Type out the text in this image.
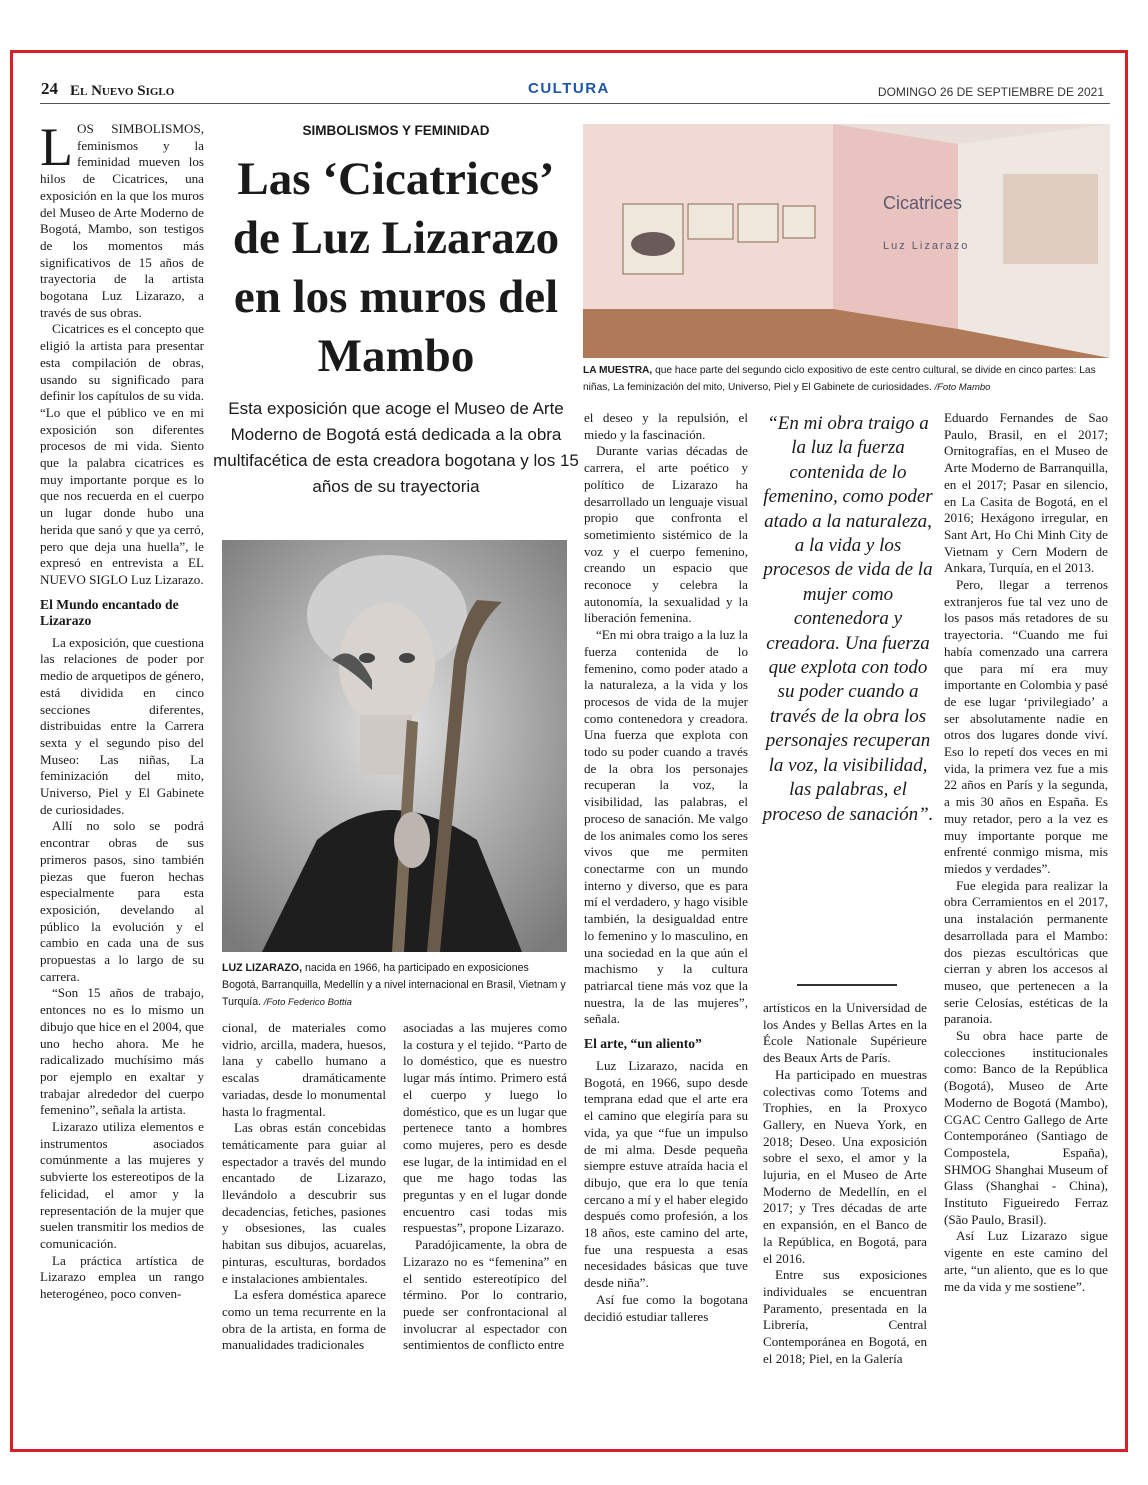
24 El Nuevo Siglo	CULTURA	DOMINGO 26 DE SEPTIEMBRE DE 2021

LOS SIMBOLISMOS, feminismos y la feminidad mueven los hilos de Cicatrices, una exposición en la que los muros del Museo de Arte Moderno de Bogotá, Mambo, son testigos de los momentos más significativos de 15 años de trayectoria de la artista bogotana Luz Lizarazo, a través de sus obras.

Cicatrices es el concepto que eligió la artista para presentar esta compilación de obras, usando su significado para definir los capítulos de su vida. “Lo que el público ve en mi exposición son diferentes procesos de mi vida. Siento que la palabra cicatrices es muy importante porque es lo que nos recuerda en el cuerpo un lugar donde hubo una herida que sanó y que ya cerró, pero que deja una huella”, le expresó en entrevista a EL NUEVO SIGLO Luz Lizarazo.

El Mundo encantado de Lizarazo

La exposición, que cuestiona las relaciones de poder por medio de arquetipos de género, está dividida en cinco secciones diferentes, distribuidas entre la Carrera sexta y el segundo piso del Museo: Las niñas, La feminización del mito, Universo, Piel y El Gabinete de curiosidades.

Allí no solo se podrá encontrar obras de sus primeros pasos, sino también piezas que fueron hechas especialmente para esta exposición, develando al público la evolución y el cambio en cada una de sus propuestas a lo largo de su carrera.

“Son 15 años de trabajo, entonces no es lo mismo un dibujo que hice en el 2004, que uno hecho ahora. Me he radicalizado muchísimo más por ejemplo en exaltar y trabajar alrededor del cuerpo femenino”, señala la artista.

Lizarazo utiliza elementos e instrumentos asociados comúnmente a las mujeres y subvierte los estereotipos de la felicidad, el amor y la representación de la mujer que suelen transmitir los medios de comunicación.

La práctica artística de Lizarazo emplea un rango heterogéneo, poco conven-

SIMBOLISMOS Y FEMINIDAD
Las ‘Cicatrices’ de Luz Lizarazo en los muros del Mambo
Esta exposición que acoge el Museo de Arte Moderno de Bogotá está dedicada a la obra multifacética de esta creadora bogotana y los 15 años de su trayectoria
LUZ LIZARAZO, nacida en 1966, ha participado en exposiciones Bogotá, Barranquilla, Medellín y a nivel internacional en Brasil, Vietnam y Turquía. /Foto Federico Bottia

cional, de materiales como vidrio, arcilla, madera, huesos, lana y cabello humano a escalas dramáticamente variadas, desde lo monumental hasta lo fragmental.

Las obras están concebidas temáticamente para guiar al espectador a través del mundo encantado de Lizarazo, llevándolo a descubrir sus decadencias, fetiches, pasiones y obsesiones, las cuales habitan sus dibujos, acuarelas, pinturas, esculturas, bordados e instalaciones ambientales.

La esfera doméstica aparece como un tema recurrente en la obra de la artista, en forma de manualidades tradicionales

asociadas a las mujeres como la costura y el tejido. “Parto de lo doméstico, que es nuestro lugar más íntimo. Primero está el cuerpo y luego lo doméstico, que es un lugar que pertenece tanto a hombres como mujeres, pero es desde ese lugar, de la intimidad en el que me hago todas las preguntas y en el lugar donde encuentro casi todas mis respuestas”, propone Lizarazo.

Paradójicamente, la obra de Lizarazo no es “femenina” en el sentido estereotípico del término. Por lo contrario, puede ser confrontacional al involucrar al espectador con sentimientos de conflicto entre

Cicatrices
Luz Lizarazo
LA MUESTRA, que hace parte del segundo ciclo expositivo de este centro cultural, se divide en cinco partes: Las niñas, La feminización del mito, Universo, Piel y El Gabinete de curiosidades. /Foto Mambo

el deseo y la repulsión, el miedo y la fascinación.

Durante varias décadas de carrera, el arte poético y político de Lizarazo ha desarrollado un lenguaje visual propio que confronta el sometimiento sistémico de la voz y el cuerpo femenino, creando un espacio que reconoce y celebra la autonomía, la sexualidad y la liberación femenina.

“En mi obra traigo a la luz la fuerza contenida de lo femenino, como poder atado a la naturaleza, a la vida y los procesos de vida de la mujer como contenedora y creadora. Una fuerza que explota con todo su poder cuando a través de la obra los personajes recuperan la voz, la visibilidad, las palabras, el proceso de sanación. Me valgo de los animales como los seres vivos que me permiten conectarme con un mundo interno y diverso, que es para mí el verdadero, y hago visible también, la desigualdad entre lo femenino y lo masculino, en una sociedad en la que aún el machismo y la cultura patriarcal tiene más voz que la nuestra, la de las mujeres”, señala.

El arte, “un aliento”

Luz Lizarazo, nacida en Bogotá, en 1966, supo desde temprana edad que el arte era el camino que elegiría para su vida, ya que “fue un impulso de mi alma. Desde pequeña siempre estuve atraída hacia el dibujo, que era lo que tenía cercano a mí y el haber elegido después como profesión, a los 18 años, este camino del arte, fue una respuesta a esas necesidades básicas que tuve desde niña”.

Así fue como la bogotana decidió estudiar talleres

“En mi obra traigo a la luz la fuerza contenida de lo femenino, como poder atado a la naturaleza, a la vida y los procesos de vida de la mujer como contenedora y creadora. Una fuerza que explota con todo su poder cuando a través de la obra los personajes recuperan la voz, la visibilidad, las palabras, el proceso de sanación”.

artísticos en la Universidad de los Andes y Bellas Artes en la École Nationale Supérieure des Beaux Arts de París.

Ha participado en muestras colectivas como Totems and Trophies, en la Proxyco Gallery, en Nueva York, en 2018; Deseo. Una exposición sobre el sexo, el amor y la lujuria, en el Museo de Arte Moderno de Medellín, en el 2017; y Tres décadas de arte en expansión, en el Banco de la República, en Bogotá, para el 2016.

Entre sus exposiciones individuales se encuentran Paramento, presentada en la Librería, Central Contemporánea en Bogotá, en el 2018; Piel, en la Galería

Eduardo Fernandes de Sao Paulo, Brasil, en el 2017; Ornitografías, en el Museo de Arte Moderno de Barranquilla, en el 2017; Pasar en silencio, en La Casita de Bogotá, en el 2016; Hexágono irregular, en Sant Art, Ho Chi Minh City de Vietnam y Cern Modern de Ankara, Turquía, en el 2013.

Pero, llegar a terrenos extranjeros fue tal vez uno de los pasos más retadores de su trayectoria. “Cuando me fui había comenzado una carrera que para mí era muy importante en Colombia y pasé de ese lugar ‘privilegiado’ a ser absolutamente nadie en otros dos lugares donde viví. Eso lo repetí dos veces en mi vida, la primera vez fue a mis 22 años en París y la segunda, a mis 30 años en España. Es muy retador, pero a la vez es muy importante porque me enfrenté conmigo misma, mis miedos y verdades”.

Fue elegida para realizar la obra Cerramientos en el 2017, una instalación permanente desarrollada para el Mambo: dos piezas escultóricas que cierran y abren los accesos al museo, que pertenecen a la serie Celosías, estéticas de la paranoia.

Su obra hace parte de colecciones institucionales como: Banco de la República (Bogotá), Museo de Arte Moderno de Bogotá (Mambo), CGAC Centro Gallego de Arte Contemporáneo (Santiago de Compostela, España), SHMOG Shanghai Museum of Glass (Shanghai - China), Instituto Figueiredo Ferraz (São Paulo, Brasil).

Así Luz Lizarazo sigue vigente en este camino del arte, “un aliento, que es lo que me da vida y me sostiene”.
